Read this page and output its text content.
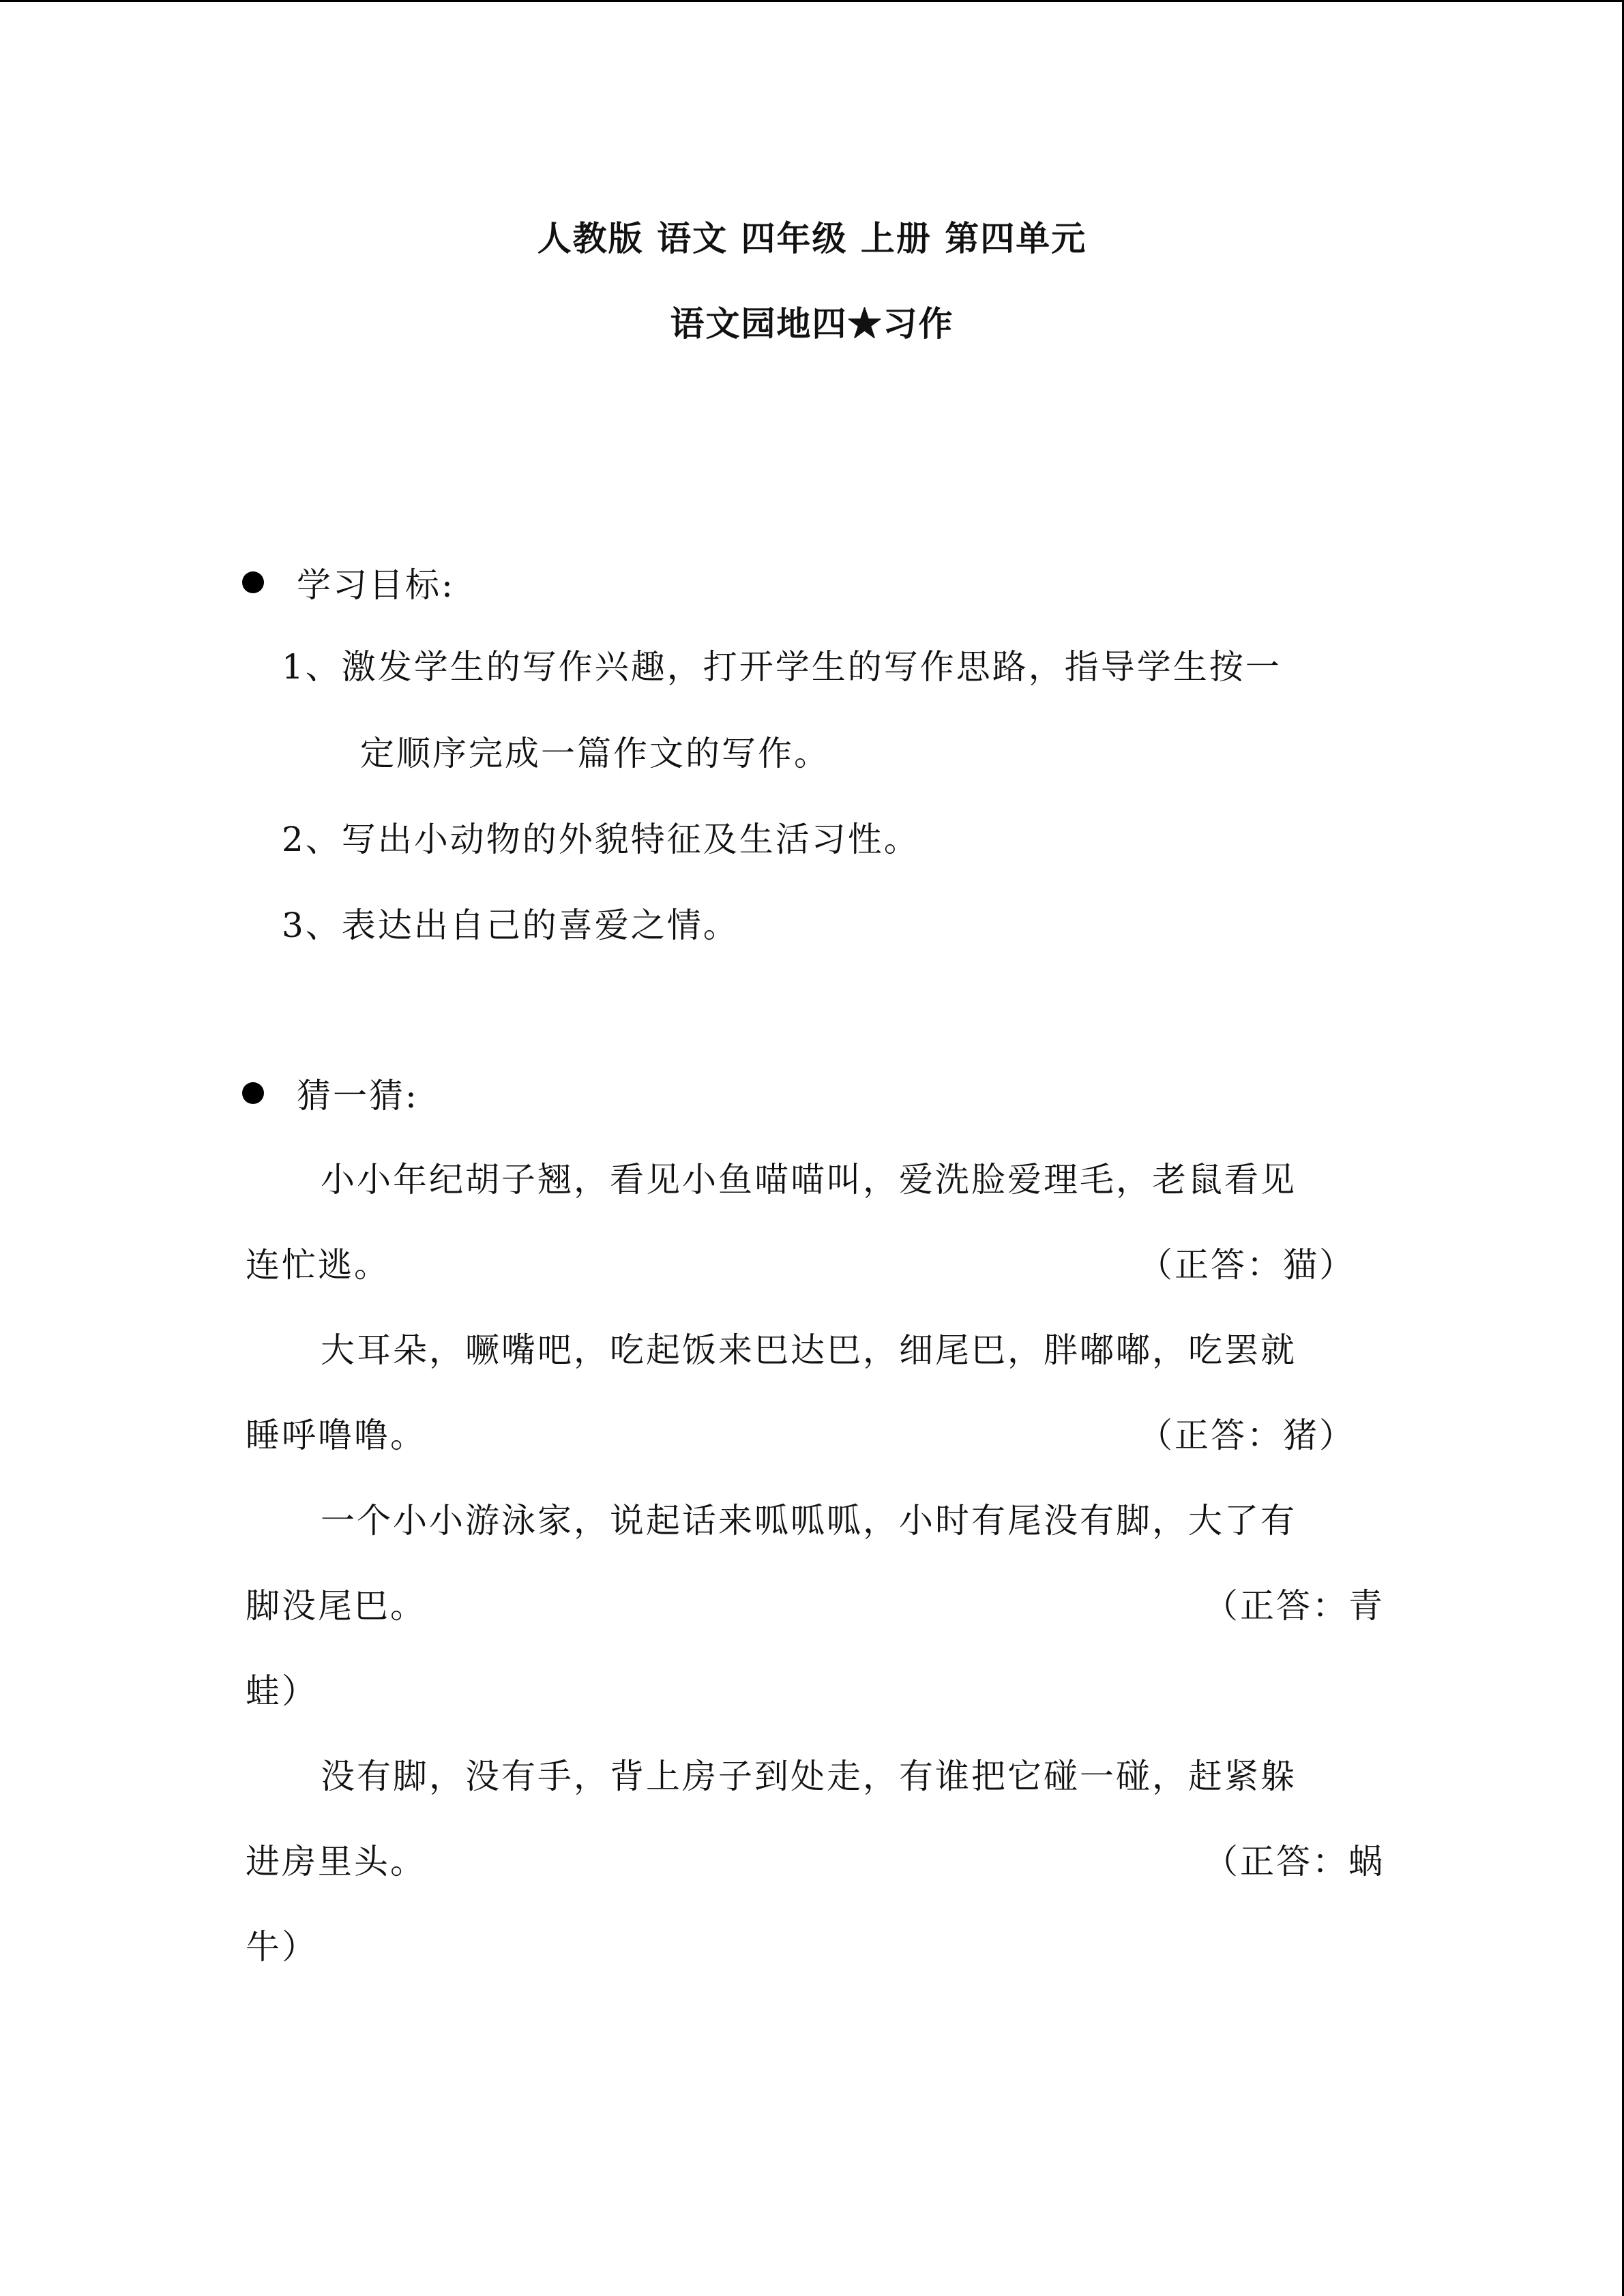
人教版 语文 四年级 上册 第四单元
语文园地四★习作
学习目标:
1、激发学生的写作兴趣，打开学生的写作思路，指导学生按一
定顺序完成一篇作文的写作。
2、写出小动物的外貌特征及生活习性。
3、表达出自己的喜爱之情。
猜一猜:
小小年纪胡子翘，看见小鱼喵喵叫，爱洗脸爱理毛，老鼠看见
连忙逃。	（正答：猫）
大耳朵，噘嘴吧，吃起饭来巴达巴，细尾巴，胖嘟嘟，吃罢就
睡呼噜噜。	（正答：猪）
一个小小游泳家，说起话来呱呱呱，小时有尾没有脚，大了有
脚没尾巴。	（正答：青
蛙）
没有脚，没有手，背上房子到处走，有谁把它碰一碰，赶紧躲
进房里头。	（正答：蜗
牛）
